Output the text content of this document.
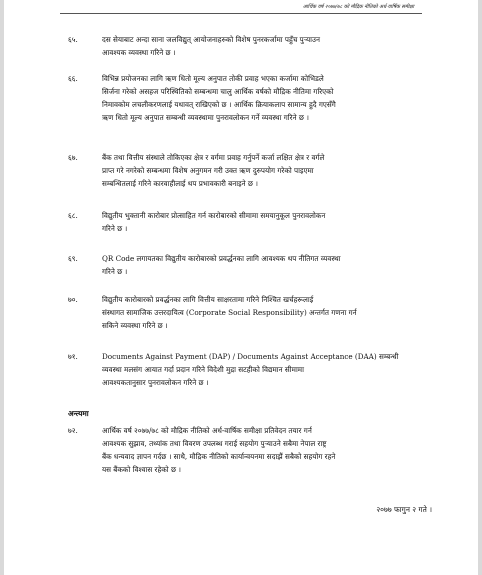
आर्थिक वर्ष २०७७/७८ को मौद्रिक नीतिको अर्ध-वार्षिक समीक्षा
६५.	दस सेयाबाट अन्दा साना जलविद्युत् आयोजनाहरुको विशेष पुनरकर्जामा पहुँच पुऱ्याउन
आवश्यक व्यवस्था गरिने छ ।
६६.	विभिन्न प्रयोजनका लागि ऋण धितो मूल्य अनुपात तोकी प्रवाह भएका कर्जामा कोभिडले
सिर्जना गरेको असहज परिस्थितिको सम्बन्धमा चालु आर्थिक वर्षको मौद्रिक नीतिमा गरिएको
निमावकोम लचलीकरणलाई यथावत् राखिएको छ । आर्थिक क्रियाकलाप सामान्य हुदै गएसँगै
ऋण धितो मूल्य अनुपात सम्बन्धी व्यवस्थामा पुनरावलोकन गर्ने व्यवस्था गरिने छ ।
६७.	बैंक तथा वित्तीय संस्थाले तोकिएका क्षेत्र र वर्गमा प्रवाह गर्नुपर्ने कर्जा लक्षित क्षेत्र र वर्गले
प्राप्त गरे नगरेको सम्बन्धमा विशेष अनुगमन गरी उक्त ऋण दुरुपयोग गरेको पाइएमा
सम्बन्धितलाई गरिने कारवाहीलाई थप प्रभावकारी बनाइने छ ।
६८.	विद्युतीय भुक्तानी कारोबार प्रोत्साहित गर्न कारोबारको सीमामा समयानुकूल पुनरावलोकन
गरिने छ ।
६९.	QR Code लगायतका विद्युतीय कारोबारको प्रवर्द्धनका लागि आवश्यक थप नीतिगत व्यवस्था
गरिने छ ।
७०.	विद्युतीय कारोबारको प्रवर्द्धनका लागि वित्तीय साक्षरतामा गरिने निश्चित खर्चहरूलाई
संस्थागत सामाजिक उत्तरदायित्व (Corporate Social Responsibility) अन्तर्गत गणना गर्न
सकिने व्यवस्था गरिने छ ।
७१.	Documents Against Payment (DAP) / Documents Against Acceptance (DAA) सम्बन्धी
व्यवस्था मलसंग आयात गर्दा प्रदान गरिने विदेशी मुद्रा सटहीको विद्यमान सीमामा
आवश्यकतानुसार पुनरावलोकन गरिने छ ।
अन्त्यमा
७२.	आर्थिक वर्ष २०७७/७८ को मौद्रिक नीतिको अर्ध-वार्षिक समीक्षा प्रतिवेदन तयार गर्न
आवश्यक सुझाव, तथ्यांक तथा विवरण उपलब्ध गराई सहयोग पुऱ्याउने सबैमा नेपाल राष्ट्र
बैंक धन्यवाद ज्ञापन गर्दछ । साथै, मौद्रिक नीतिको कार्यान्वयनमा सदाझैं सबैको सहयोग रहने
यस बैंकको विश्वास रहेको छ ।
२०७७ फागुन २ गते ।
